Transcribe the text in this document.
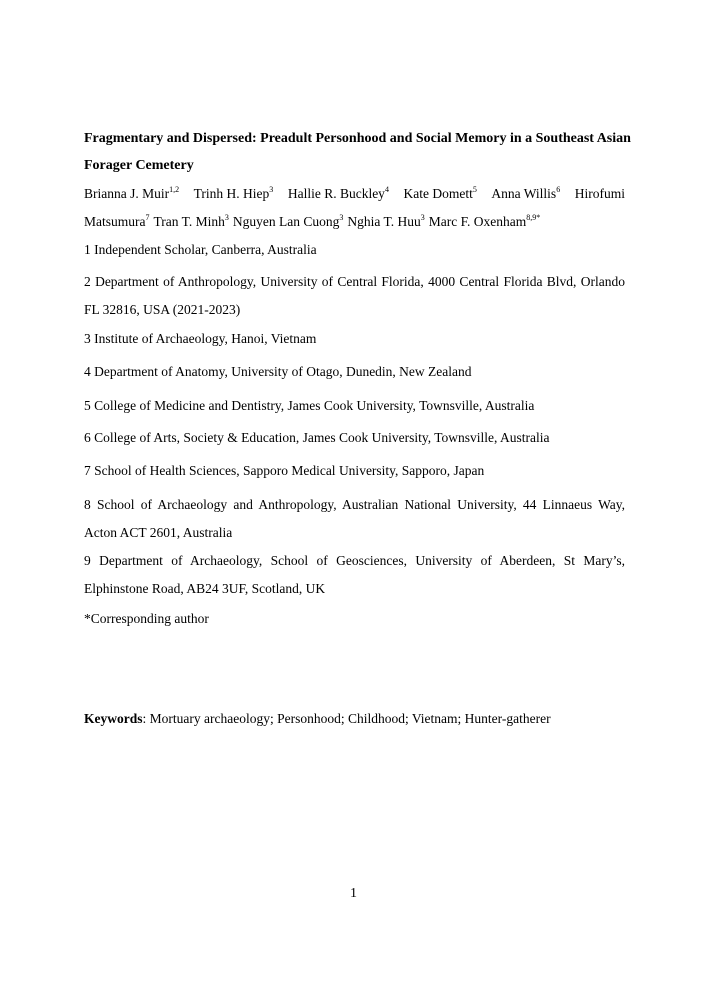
Fragmentary and Dispersed: Preadult Personhood and Social Memory in a Southeast Asian
Forager Cemetery
Brianna J. Muir$^{1,2}$ Trinh H. Hiep$^3$ Hallie R. Buckley$^4$ Kate Domett$^5$ Anna Willis$^6$ Hirofumi
Matsumura$^7$ Tran T. Minh$^3$ Nguyen Lan Cuong$^3$ Nghia T. Huu$^3$ Marc F. Oxenham$^{8,9*}$
1 Independent Scholar, Canberra, Australia
2 Department of Anthropology, University of Central Florida, 4000 Central Florida Blvd, Orlando
FL 32816, USA (2021-2023)
3 Institute of Archaeology, Hanoi, Vietnam
4 Department of Anatomy, University of Otago, Dunedin, New Zealand
5 College of Medicine and Dentistry, James Cook University, Townsville, Australia
6 College of Arts, Society & Education, James Cook University, Townsville, Australia
7 School of Health Sciences, Sapporo Medical University, Sapporo, Japan
8 School of Archaeology and Anthropology, Australian National University, 44 Linnaeus Way,
Acton ACT 2601, Australia
9 Department of Archaeology, School of Geosciences, University of Aberdeen, St Mary’s,
Elphinstone Road, AB24 3UF, Scotland, UK
*Corresponding author
Keywords: Mortuary archaeology; Personhood; Childhood; Vietnam; Hunter-gatherer
1
